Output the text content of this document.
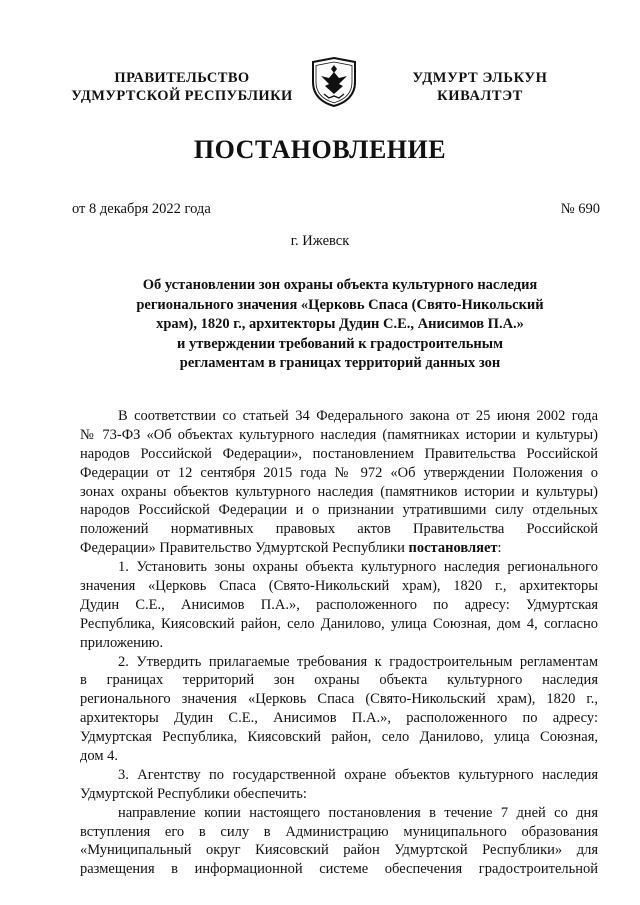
ПРАВИТЕЛЬСТВО
УДМУРТСКОЙ РЕСПУБЛИКИ
УДМУРТ ЭЛЬКУН
КИВАЛТЭТ
ПОСТАНОВЛЕНИЕ
от 8 декабря 2022 года	№ 690
г. Ижевск
Об установлении зон охраны объекта культурного наследия
регионального значения «Церковь Спаса (Свято-Никольский
храм), 1820 г., архитекторы Дудин С.Е., Анисимов П.А.»
и утверждении требований к градостроительным
регламентам в границах территорий данных зон
В соответствии со статьей 34 Федерального закона от 25 июня 2002 года
№ 73-ФЗ «Об объектах культурного наследия (памятниках истории и культуры)
народов Российской Федерации», постановлением Правительства Российской
Федерации от 12 сентября 2015 года № 972 «Об утверждении Положения о
зонах охраны объектов культурного наследия (памятников истории и культуры)
народов Российской Федерации и о признании утратившими силу отдельных
положений нормативных правовых актов Правительства Российской
Федерации» Правительство Удмуртской Республики постановляет:
1. Установить зоны охраны объекта культурного наследия регионального
значения «Церковь Спаса (Свято-Никольский храм), 1820 г., архитекторы
Дудин С.Е., Анисимов П.А.», расположенного по адресу: Удмуртская
Республика, Киясовский район, село Данилово, улица Союзная, дом 4, согласно
приложению.
2. Утвердить прилагаемые требования к градостроительным регламентам
в границах территорий зон охраны объекта культурного наследия
регионального значения «Церковь Спаса (Свято-Никольский храм), 1820 г.,
архитекторы Дудин С.Е., Анисимов П.А.», расположенного по адресу:
Удмуртская Республика, Киясовский район, село Данилово, улица Союзная,
дом 4.
3. Агентству по государственной охране объектов культурного наследия
Удмуртской Республики обеспечить:
направление копии настоящего постановления в течение 7 дней со дня
вступления его в силу в Администрацию муниципального образования
«Муниципальный округ Киясовский район Удмуртской Республики» для
размещения в информационной системе обеспечения градостроительной
